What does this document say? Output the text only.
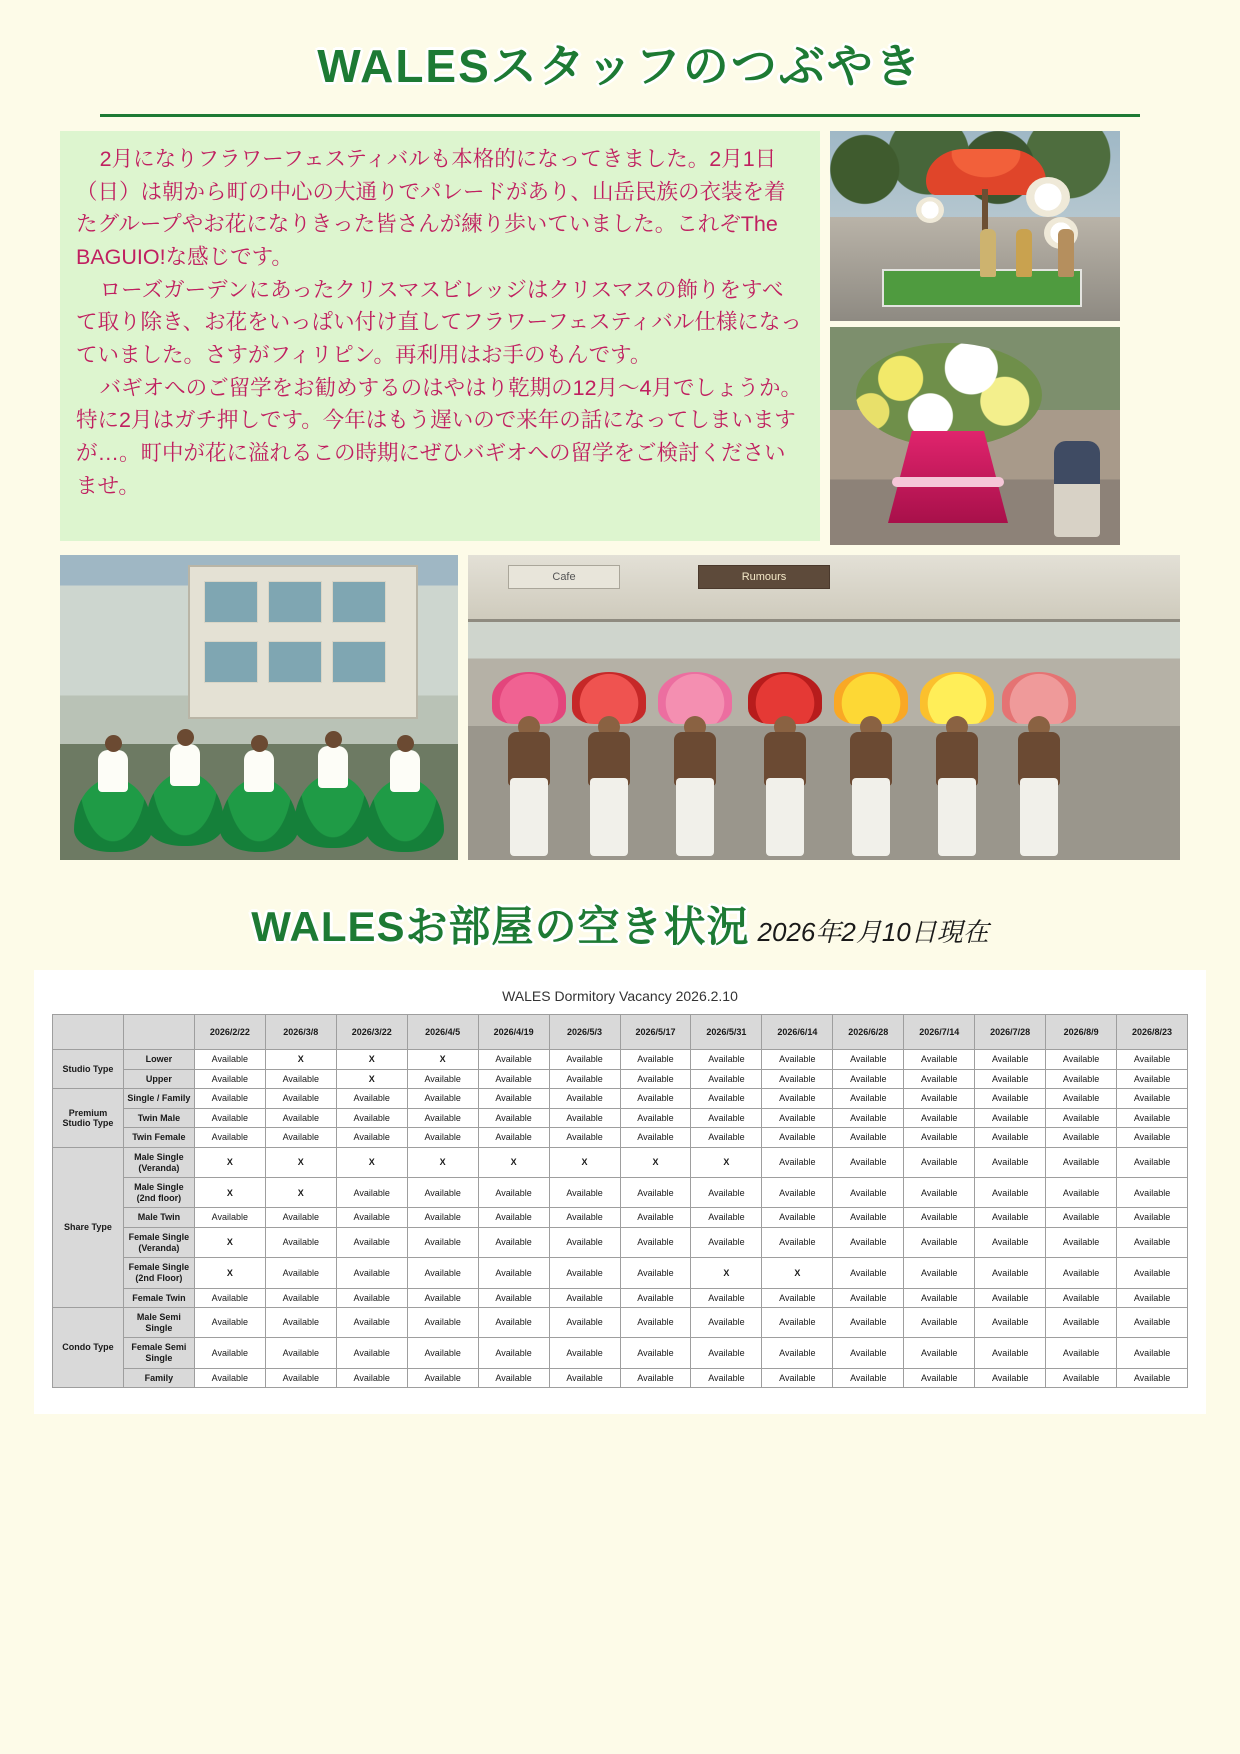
WALESスタッフのつぶやき

2月になりフラワーフェスティバルも本格的になってきました。2月1日（日）は朝から町の中心の大通りでパレードがあり、山岳民族の衣装を着たグループやお花になりきった皆さんが練り歩いていました。これぞThe BAGUIO!な感じです。

ローズガーデンにあったクリスマスビレッジはクリスマスの飾りをすべて取り除き、お花をいっぱい付け直してフラワーフェスティバル仕様になっていました。さすがフィリピン。再利用はお手のもんです。

バギオへのご留学をお勧めするのはやはり乾期の12月〜4月でしょうか。特に2月はガチ押しです。今年はもう遅いので来年の話になってしまいますが…。町中が花に溢れるこの時期にぜひバギオへの留学をご検討くださいませ。

Cafe	Rumours
WALESお部屋の空き状況 2026年2月10日現在
WALES Dormitory Vacancy 2026.2.10
		2026/2/22	2026/3/8	2026/3/22	2026/4/5	2026/4/19	2026/5/3	2026/5/17	2026/5/31	2026/6/14	2026/6/28	2026/7/14	2026/7/28	2026/8/9	2026/8/23
Studio Type	Lower	Available	X	X	X	Available	Available	Available	Available	Available	Available	Available	Available	Available	Available
	Upper	Available	Available	X	Available	Available	Available	Available	Available	Available	Available	Available	Available	Available	Available
Premium Studio Type	Single / Family	Available	Available	Available	Available	Available	Available	Available	Available	Available	Available	Available	Available	Available	Available
	Twin Male	Available	Available	Available	Available	Available	Available	Available	Available	Available	Available	Available	Available	Available	Available
	Twin Female	Available	Available	Available	Available	Available	Available	Available	Available	Available	Available	Available	Available	Available	Available
Share Type	Male Single
(Veranda)	X	X	X	X	X	X	X	X	Available	Available	Available	Available	Available	Available
	Male Single
(2nd floor)	X	X	Available	Available	Available	Available	Available	Available	Available	Available	Available	Available	Available	Available
	Male Twin	Available	Available	Available	Available	Available	Available	Available	Available	Available	Available	Available	Available	Available	Available
	Female Single
(Veranda)	X	Available	Available	Available	Available	Available	Available	Available	Available	Available	Available	Available	Available	Available
	Female Single
(2nd Floor)	X	Available	Available	Available	Available	Available	Available	X	X	Available	Available	Available	Available	Available
	Female Twin	Available	Available	Available	Available	Available	Available	Available	Available	Available	Available	Available	Available	Available	Available
Condo Type	Male Semi Single	Available	Available	Available	Available	Available	Available	Available	Available	Available	Available	Available	Available	Available	Available
	Female Semi Single	Available	Available	Available	Available	Available	Available	Available	Available	Available	Available	Available	Available	Available	Available
	Family	Available	Available	Available	Available	Available	Available	Available	Available	Available	Available	Available	Available	Available	Available
